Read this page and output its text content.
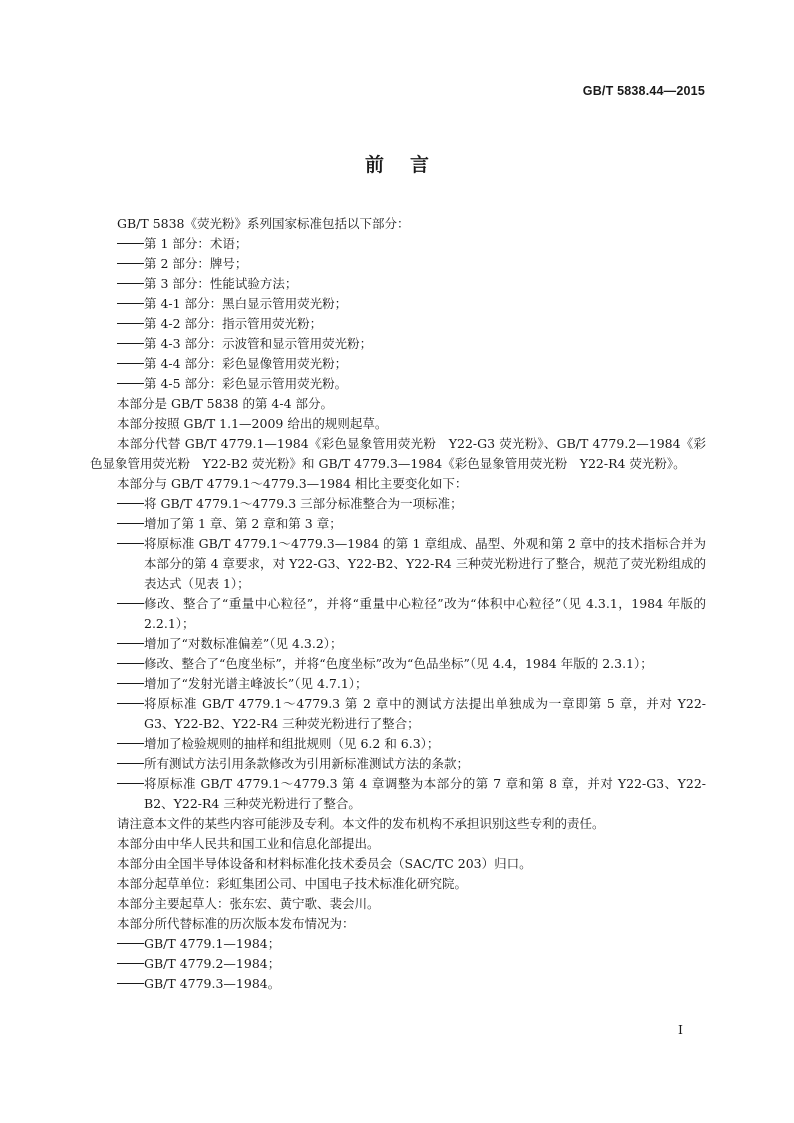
GB/T 5838.44—2015
前言
GB/T 5838《荧光粉》系列国家标准包括以下部分：
第 1 部分：术语；
第 2 部分：牌号；
第 3 部分：性能试验方法；
第 4-1 部分：黑白显示管用荧光粉；
第 4-2 部分：指示管用荧光粉；
第 4-3 部分：示波管和显示管用荧光粉；
第 4-4 部分：彩色显像管用荧光粉；
第 4-5 部分：彩色显示管用荧光粉。
本部分是 GB/T 5838 的第 4-4 部分。
本部分按照 GB/T 1.1—2009 给出的规则起草。
本部分代替 GB/T 4779.1—1984《彩色显象管用荧光粉　Y22-G3 荧光粉》、GB/T 4779.2—1984《彩色显象管用荧光粉　Y22-B2 荧光粉》和 GB/T 4779.3—1984《彩色显象管用荧光粉　Y22-R4 荧光粉》。
本部分与 GB/T 4779.1～4779.3—1984 相比主要变化如下：
将 GB/T 4779.1～4779.3 三部分标准整合为一项标准；
增加了第 1 章、第 2 章和第 3 章；
将原标准 GB/T 4779.1～4779.3—1984 的第 1 章组成、晶型、外观和第 2 章中的技术指标合并为本部分的第 4 章要求，对 Y22-G3、Y22-B2、Y22-R4 三种荧光粉进行了整合，规范了荧光粉组成的表达式（见表 1）；
修改、整合了“重量中心粒径”，并将“重量中心粒径”改为“体积中心粒径”（见 4.3.1，1984 年版的 2.2.1）；
增加了“对数标准偏差”（见 4.3.2）；
修改、整合了“色度坐标”，并将“色度坐标”改为“色品坐标”（见 4.4，1984 年版的 2.3.1）；
增加了“发射光谱主峰波长”（见 4.7.1）；
将原标准 GB/T 4779.1～4779.3 第 2 章中的测试方法提出单独成为一章即第 5 章，并对 Y22-G3、Y22-B2、Y22-R4 三种荧光粉进行了整合；
增加了检验规则的抽样和组批规则（见 6.2 和 6.3）；
所有测试方法引用条款修改为引用新标准测试方法的条款；
将原标准 GB/T 4779.1～4779.3 第 4 章调整为本部分的第 7 章和第 8 章，并对 Y22-G3、Y22-B2、Y22-R4 三种荧光粉进行了整合。
请注意本文件的某些内容可能涉及专利。本文件的发布机构不承担识别这些专利的责任。
本部分由中华人民共和国工业和信息化部提出。
本部分由全国半导体设备和材料标准化技术委员会（SAC/TC 203）归口。
本部分起草单位：彩虹集团公司、中国电子技术标准化研究院。
本部分主要起草人：张东宏、黄宁歌、裴会川。
本部分所代替标准的历次版本发布情况为：
GB/T 4779.1—1984；
GB/T 4779.2—1984；
GB/T 4779.3—1984。
I
